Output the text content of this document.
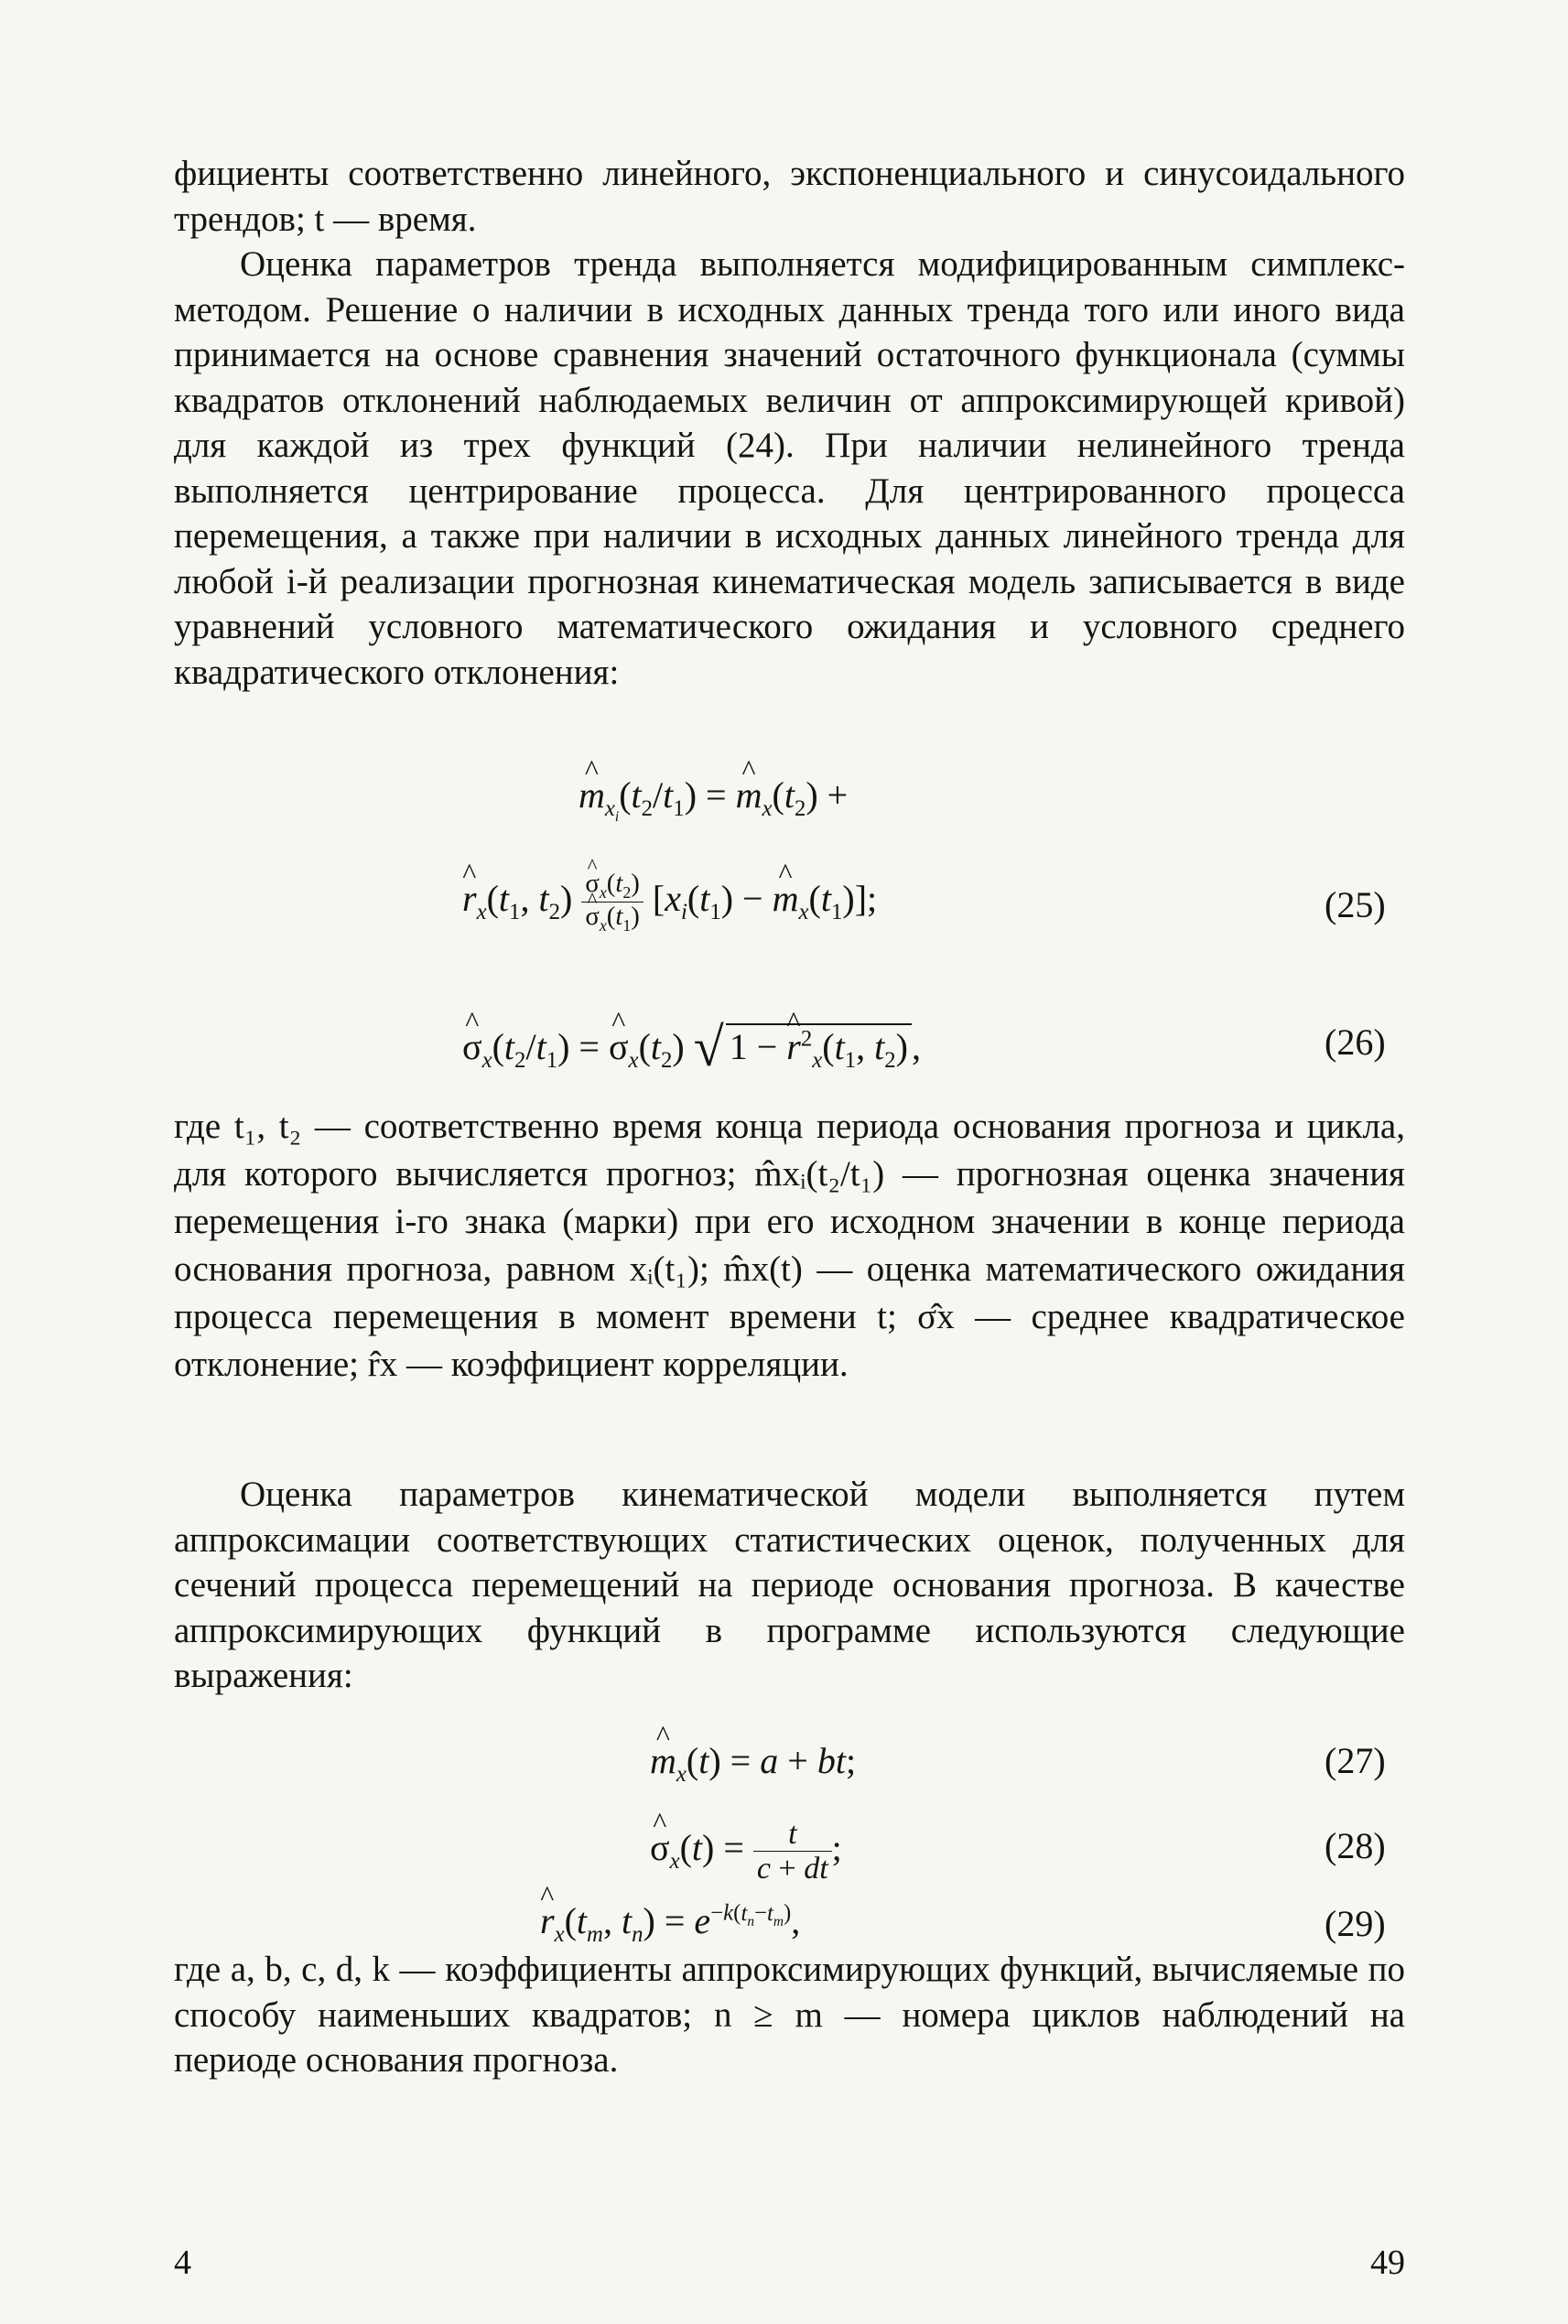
фициенты соответственно линейного, экспоненциального и синусоидального трендов; t — время.

Оценка параметров тренда выполняется модифицированным симплекс-методом. Решение о наличии в исходных данных тренда того или иного вида принимается на основе сравнения значений остаточного функционала (суммы квадратов отклонений наблюдаемых величин от аппроксимирующей кривой) для каждой из трех функций (24). При наличии нелинейного тренда выполняется центрирование процесса. Для центрированного процесса перемещения, а также при наличии в исходных данных линейного тренда для любой i-й реализации прогнозная кинематическая модель записывается в виде уравнений условного математического ожидания и условного среднего квадратического отклонения:

^ $m_{x_i}(t_2/t_1)$ = ^ $m_x(t_2)$ +
^ $r_x(t_1$, $t_2$)
^ $\sigma_x(t_2)$
^ $\sigma_x(t_1) [x_i(t_1)$ − ^ $m_x(t_1)$];	(25)
^ $\sigma_x(t_2/t_1)$ = ^ $\sigma_x(t_2)$ √ 1 − ^ $r^2_x(t_1$, $t_2$) ,	(26)

где t₁, t₂ — соответственно время конца периода основания прогноза и цикла, для которого вычисляется прогноз; m̂xᵢ(t₂/t₁) — прогнозная оценка значения перемещения i-го знака (марки) при его исходном значении в конце периода основания прогноза, равном xᵢ(t₁); m̂x(t) — оценка математического ожидания процесса перемещения в момент времени t; σ̂x — среднее квадратическое отклонение; r̂x — коэффициент корреляции.

Оценка параметров кинематической модели выполняется путем аппроксимации соответствующих статистических оценок, полученных для сечений процесса перемещений на периоде основания прогноза. В качестве аппроксимирующих функций в программе используются следующие выражения:

^ $m_x(t) = a$ + bt;	(27)
^ $\sigma_x(t) = \frac{t}{c + dt}$ ;	(28)
^ $r_x(t_m$, $t_n) = e^{-k(t_n-t_m)}$,	(29)

где a, b, c, d, k — коэффициенты аппроксимирующих функций, вычисляемые по способу наименьших квадратов; n ≥ m — номера циклов наблюдений на периоде основания прогноза.

4	49
